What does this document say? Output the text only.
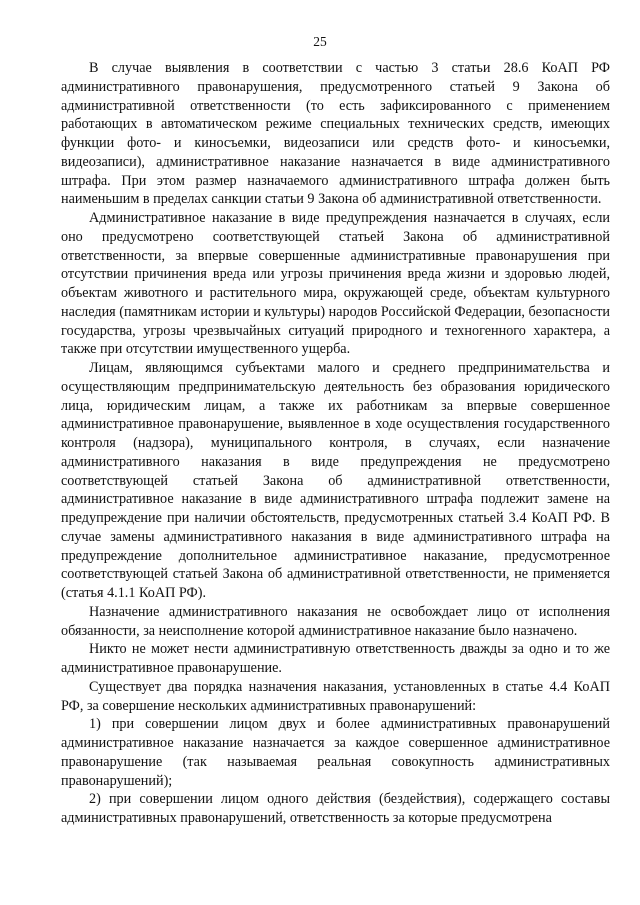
25

В случае выявления в соответствии с частью 3 статьи 28.6 КоАП РФ административного правонарушения, предусмотренного статьей 9 Закона об административной ответственности (то есть зафиксированного с применением работающих в автоматическом режиме специальных технических средств, имеющих функции фото- и киносъемки, видеозаписи или средств фото- и киносъемки, видеозаписи), административное наказание назначается в виде административного штрафа. При этом размер назначаемого административного штрафа должен быть наименьшим в пределах санкции статьи 9 Закона об административной ответственности.

Административное наказание в виде предупреждения назначается в случаях, если оно предусмотрено соответствующей статьей Закона об административной ответственности, за впервые совершенные административные правонарушения при отсутствии причинения вреда или угрозы причинения вреда жизни и здоровью людей, объектам животного и растительного мира, окружающей среде, объектам культурного наследия (памятникам истории и культуры) народов Российской Федерации, безопасности государства, угрозы чрезвычайных ситуаций природного и техногенного характера, а также при отсутствии имущественного ущерба.

Лицам, являющимся субъектами малого и среднего предпринимательства и осуществляющим предпринимательскую деятельность без образования юридического лица, юридическим лицам, а также их работникам за впервые совершенное административное правонарушение, выявленное в ходе осуществления государственного контроля (надзора), муниципального контроля, в случаях, если назначение административного наказания в виде предупреждения не предусмотрено соответствующей статьей Закона об административной ответственности, административное наказание в виде административного штрафа подлежит замене на предупреждение при наличии обстоятельств, предусмотренных статьей 3.4 КоАП РФ. В случае замены административного наказания в виде административного штрафа на предупреждение дополнительное административное наказание, предусмотренное соответствующей статьей Закона об административной ответственности, не применяется (статья 4.1.1 КоАП РФ).

Назначение административного наказания не освобождает лицо от исполнения обязанности, за неисполнение которой административное наказание было назначено.

Никто не может нести административную ответственность дважды за одно и то же административное правонарушение.

Существует два порядка назначения наказания, установленных в статье 4.4 КоАП РФ, за совершение нескольких административных правонарушений:

1) при совершении лицом двух и более административных правонарушений административное наказание назначается за каждое совершенное административное правонарушение (так называемая реальная совокупность административных правонарушений);

2) при совершении лицом одного действия (бездействия), содержащего составы административных правонарушений, ответственность за которые предусмотрена
